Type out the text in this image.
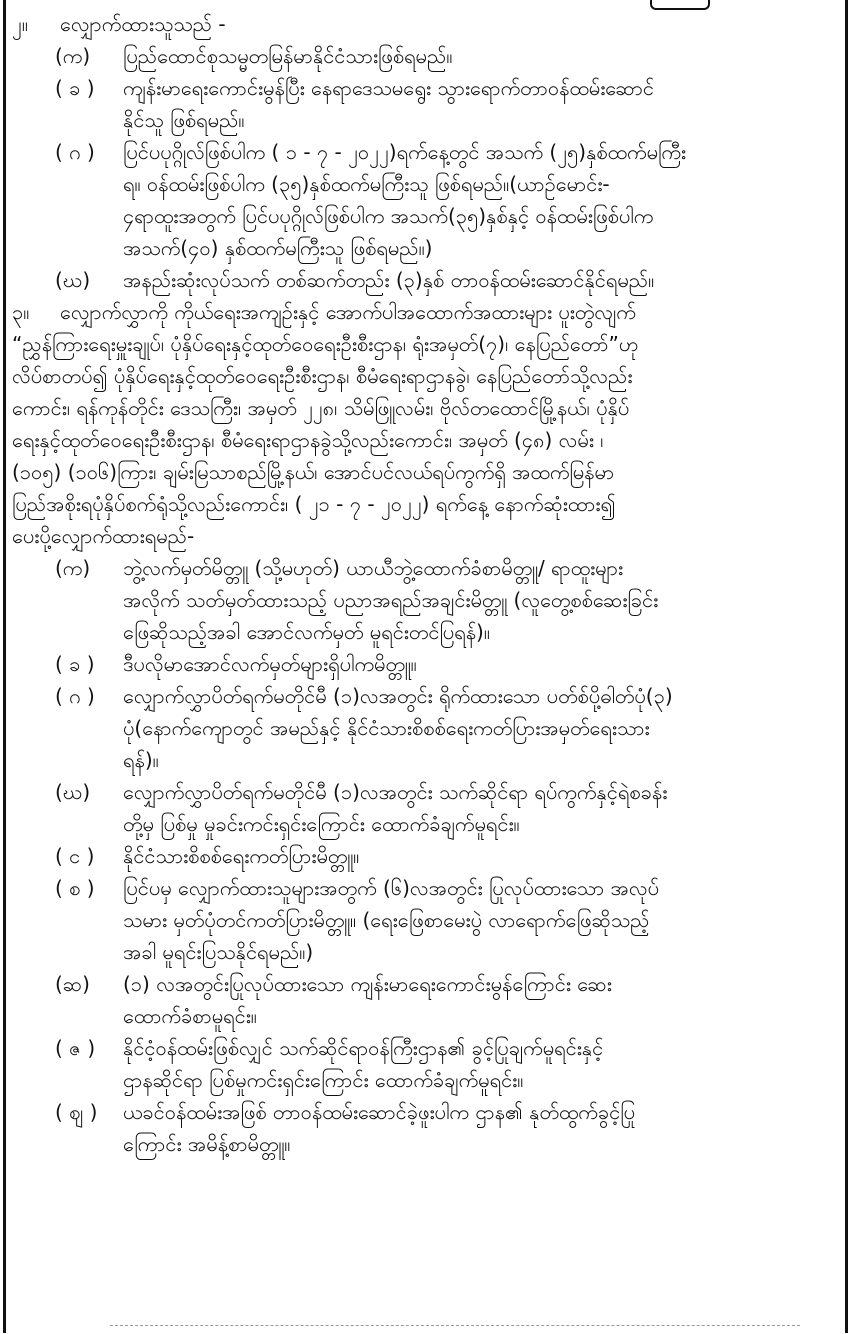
၂။	လျှောက်ထားသူသည် -
(က)	ပြည်ထောင်စုသမ္မတမြန်မာနိုင်ငံသားဖြစ်ရမည်။
( ခ )	ကျန်းမာရေးကောင်းမွန်ပြီး နေရာဒေသမရွေး သွားရောက်တာဝန်ထမ်းဆောင်
နိုင်သူ ဖြစ်ရမည်။
( ဂ )	ပြင်ပပုဂ္ဂိုလ်ဖြစ်ပါက ( ၁ - ၇ - ၂၀၂၂)ရက်နေ့တွင် အသက် (၂၅)နှစ်ထက်မကြီး
ရ။ ဝန်ထမ်းဖြစ်ပါက (၃၅)နှစ်ထက်မကြီးသူ ဖြစ်ရမည်။(ယာဉ်မောင်း-
၄ရာထူးအတွက် ပြင်ပပုဂ္ဂိုလ်ဖြစ်ပါက အသက်(၃၅)နှစ်နှင့် ဝန်ထမ်းဖြစ်ပါက
အသက်(၄၀) နှစ်ထက်မကြီးသူ ဖြစ်ရမည်။)
(ဃ)	အနည်းဆုံးလုပ်သက် တစ်ဆက်တည်း (၃)နှစ် တာဝန်ထမ်းဆောင်နိုင်ရမည်။
၃။	လျှောက်လွှာကို ကိုယ်ရေးအကျဉ်းနှင့် အောက်ပါအထောက်အထားများ ပူးတွဲလျက်
“ညွှန်ကြားရေးမှူးချုပ်၊ ပုံနှိပ်ရေးနှင့်ထုတ်ဝေရေးဦးစီးဌာန၊ ရုံးအမှတ်(၇)၊ နေပြည်တော်”ဟု
လိပ်စာတပ်၍ ပုံနှိပ်ရေးနှင့်ထုတ်ဝေရေးဦးစီးဌာန၊ စီမံရေးရာဌာနခွဲ၊ နေပြည်တော်သို့လည်း
ကောင်း၊ ရန်ကုန်တိုင်း ဒေသကြီး၊ အမှတ် ၂၂၈၊ သိမ်ဖြူလမ်း၊ ဗိုလ်တထောင်မြို့နယ်၊ ပုံနှိပ်
ရေးနှင့်ထုတ်ဝေရေးဦးစီးဌာန၊ စီမံရေးရာဌာနခွဲသို့လည်းကောင်း၊ အမှတ် (၄၈) လမ်း ၊
(၁၀၅) (၁၀၆)ကြား၊ ချမ်းမြသာစည်မြို့နယ်၊ အောင်ပင်လယ်ရပ်ကွက်ရှိ အထက်မြန်မာ
ပြည်အစိုးရပုံနှိပ်စက်ရုံသို့လည်းကောင်း၊ ( ၂၁ - ၇ - ၂၀၂၂) ရက်နေ့ နောက်ဆုံးထား၍
ပေးပို့လျှောက်ထားရမည်-
(က)	ဘွဲ့လက်မှတ်မိတ္တူ (သို့မဟုတ်) ယာယီဘွဲ့ထောက်ခံစာမိတ္တူ/ ရာထူးများ
အလိုက် သတ်မှတ်ထားသည့် ပညာအရည်အချင်းမိတ္တူ (လူတွေ့စစ်ဆေးခြင်း
ဖြေဆိုသည့်အခါ အောင်လက်မှတ် မူရင်းတင်ပြရန်)။
( ခ )	ဒီပလိုမာအောင်လက်မှတ်များရှိပါကမိတ္တူ။
( ဂ )	လျှောက်လွှာပိတ်ရက်မတိုင်မီ (၁)လအတွင်း ရိုက်ထားသော ပတ်စ်ပို့ဓါတ်ပုံ(၃)
ပုံ(နောက်ကျောတွင် အမည်နှင့် နိုင်ငံသားစိစစ်ရေးကတ်ပြားအမှတ်ရေးသား
ရန်)။
(ဃ)	လျှောက်လွှာပိတ်ရက်မတိုင်မီ (၁)လအတွင်း သက်ဆိုင်ရာ ရပ်ကွက်နှင့်ရဲစခန်း
တို့မှ ပြစ်မှု မှုခင်းကင်းရှင်းကြောင်း ထောက်ခံချက်မူရင်း။
( င )	နိုင်ငံသားစိစစ်ရေးကတ်ပြားမိတ္တူ။
( စ )	ပြင်ပမှ လျှောက်ထားသူများအတွက် (၆)လအတွင်း ပြုလုပ်ထားသော အလုပ်
သမား မှတ်ပုံတင်ကတ်ပြားမိတ္တူ။ (ရေးဖြေစာမေးပွဲ လာရောက်ဖြေဆိုသည့်
အခါ မူရင်းပြသနိုင်ရမည်။)
(ဆ)	(၁) လအတွင်းပြုလုပ်ထားသော ကျန်းမာရေးကောင်းမွန်ကြောင်း ဆေး
ထောက်ခံစာမူရင်း။
( ဇ )	နိုင်ငံ့ဝန်ထမ်းဖြစ်လျှင် သက်ဆိုင်ရာဝန်ကြီးဌာန၏ ခွင့်ပြုချက်မူရင်းနှင့်
ဌာနဆိုင်ရာ ပြစ်မှုကင်းရှင်းကြောင်း ထောက်ခံချက်မူရင်း။
( ဈ )	ယခင်ဝန်ထမ်းအဖြစ် တာဝန်ထမ်းဆောင်ခဲ့ဖူးပါက ဌာန၏ နုတ်ထွက်ခွင့်ပြု
ကြောင်း အမိန့်စာမိတ္တူ။
